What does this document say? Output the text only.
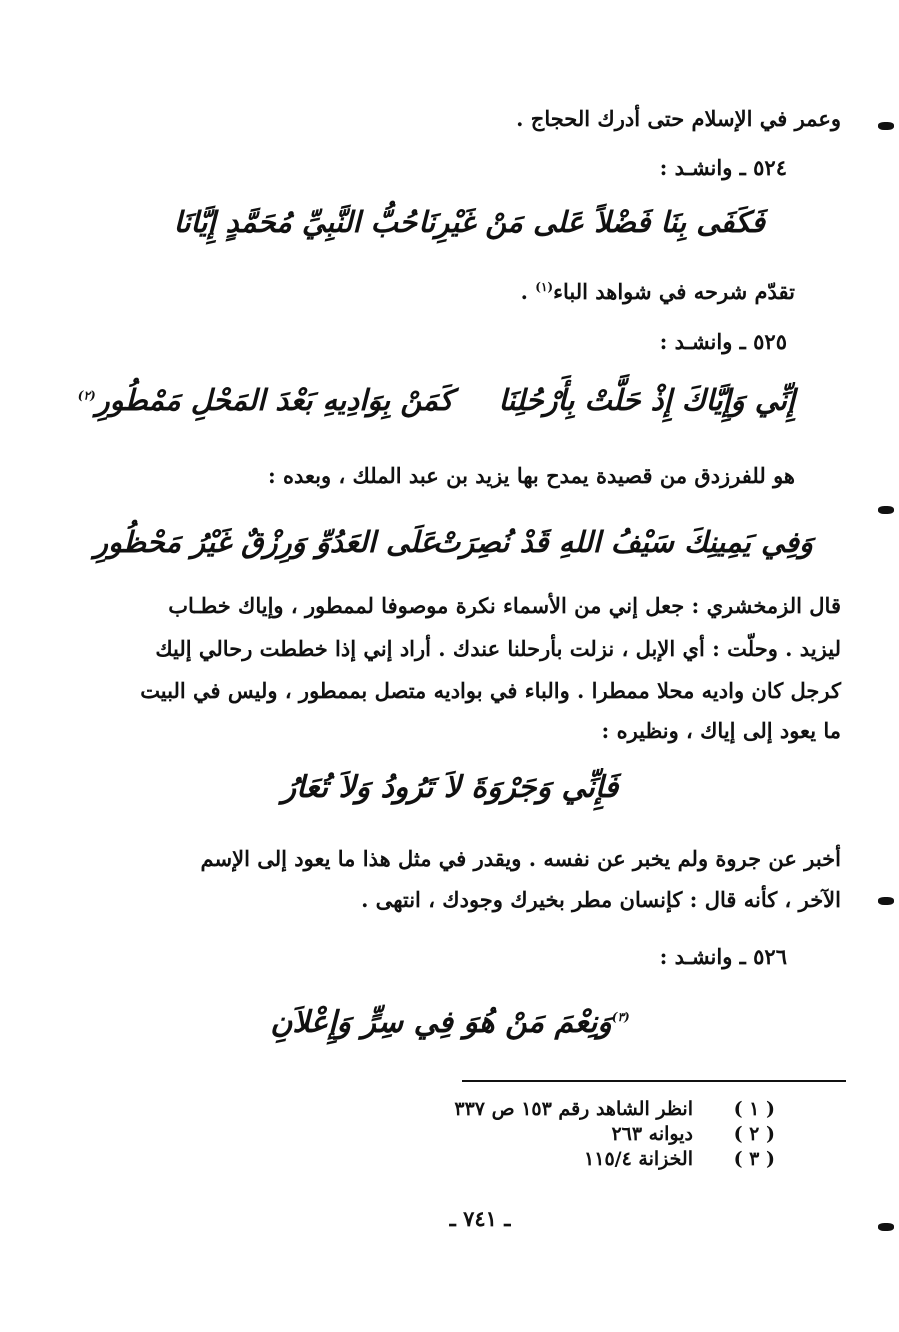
وعمر في الإسلام حتى أدرك الحجاج .
٥٢٤ ـ وانشـد :
فَكَفَى بِنَا فَضْلاً عَلى مَنْ غَيْرِنَا
حُبُّ النَّبِيِّ مُحَمَّدٍ إِيَّانَا
تقدّم شرحه في شواهد الباء$^{(١)}$ .
٥٢٥ ـ وانشـد :
إِنِّي وَإِيَّاكَ إِذْ حَلَّتْ بِأَرْحُلِنَا
كَمَنْ بِوَادِيهِ بَعْدَ المَحْلِ مَمْطُورِ$^{(٢)}$
هو للفرزدق من قصيدة يمدح بها يزيد بن عبد الملك ، وبعده :
وَفِي يَمِينِكَ سَيْفُ اللهِ قَدْ نُصِرَتْ
عَلَى العَدُوِّ وَرِزْقٌ غَيْرُ مَحْظُورِ
قال الزمخشري : جعل إني من الأسماء نكرة موصوفا لممطور ، وإياك خطـاب
ليزيد . وحلّت : أي الإبل ، نزلت بأرحلنا عندك . أراد إني إذا خططت رحالي إليك
كرجل كان واديه محلا ممطرا . والباء في بواديه متصل بممطور ، وليس في البيت
ما يعود إلى إياك ، ونظيره :
فَإِنِّي وَجَرْوَةَ لاَ تَرُودُ وَلاَ تُعَارُ
أخبر عن جروة ولم يخبر عن نفسه . ويقدر في مثل هذا ما يعود إلى الإسم
الآخر ، كأنه قال : كإنسان مطر بخيرك وجودك ، انتهى .
٥٢٦ ـ وانشـد :
$^{(٣)}$وَنِعْمَ مَنْ هُوَ فِي سِرٍّ وَإِعْلاَنِ
( ١ )
انظر الشاهد رقم ١٥٣ ص ٣٣٧
( ٢ )
ديوانه ٢٦٣
( ٣ )
الخزانة ١١٥/٤
ـ ٧٤١ ـ
